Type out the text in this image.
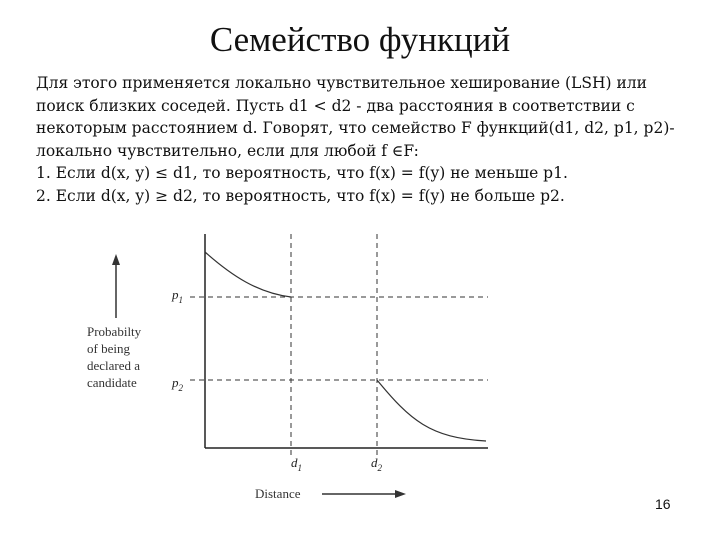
Семейство функций
Для этого применяется локально чувствительное хеширование (LSH) или
поиск близких соседей. Пусть d1 < d2 - два расстояния в соответствии с
некоторым расстоянием d. Говорят, что семейство F функций(d1, d2, p1, p2)-
локально чувствительно, если для любой f ∈F:
1. Если d(x, y) ≤ d1, то вероятность, что f(x) = f(y) не меньше p1.
2. Если d(x, y) ≥ d2, то вероятность, что f(x) = f(y) не больше p2.
Probabilty
of being
declared a
candidate
$p_1$
$p_2$
$d_1$	$d_2$
Distance
16
